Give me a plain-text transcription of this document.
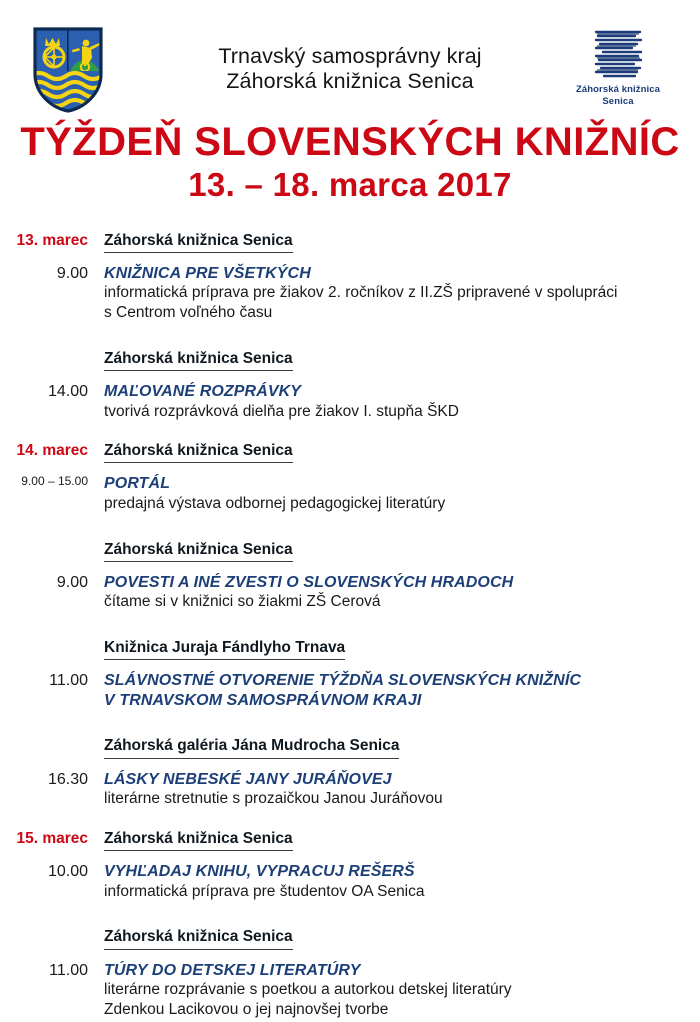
Trnavský samosprávny kraj
Záhorská knižnica Senica	Záhorská knižnica
Senica
TÝŽDEŇ SLOVENSKÝCH KNIŽNÍC
13. – 18. marca 2017
13. marec Záhorská knižnica Senica
9.00 KNIŽNICA PRE VŠETKÝCH
informatická príprava pre žiakov 2. ročníkov z II.ZŠ pripravené v spolupráci
s Centrom voľného času
Záhorská knižnica Senica
14.00 MAĽOVANÉ ROZPRÁVKY
tvorivá rozprávková dielňa pre žiakov I. stupňa ŠKD
14. marec Záhorská knižnica Senica
9.00 – 15.00 PORTÁL
predajná výstava odbornej pedagogickej literatúry
Záhorská knižnica Senica
9.00 POVESTI A INÉ ZVESTI O SLOVENSKÝCH HRADOCH
čítame si v knižnici so žiakmi ZŠ Cerová
Knižnica Juraja Fándlyho Trnava
11.00 SLÁVNOSTNÉ OTVORENIE TÝŽDŇA SLOVENSKÝCH KNIŽNÍC
V TRNAVSKOM SAMOSPRÁVNOM KRAJI
Záhorská galéria Jána Mudrocha Senica
16.30 LÁSKY NEBESKÉ JANY JURÁŇOVEJ
literárne stretnutie s prozaičkou Janou Juráňovou
15. marec Záhorská knižnica Senica
10.00 VYHĽADAJ KNIHU, VYPRACUJ REŠERŠ
informatická príprava pre študentov OA Senica
Záhorská knižnica Senica
11.00 TÚRY DO DETSKEJ LITERATÚRY
literárne rozprávanie s poetkou a autorkou detskej literatúry
Zdenkou Lacikovou o jej najnovšej tvorbe
